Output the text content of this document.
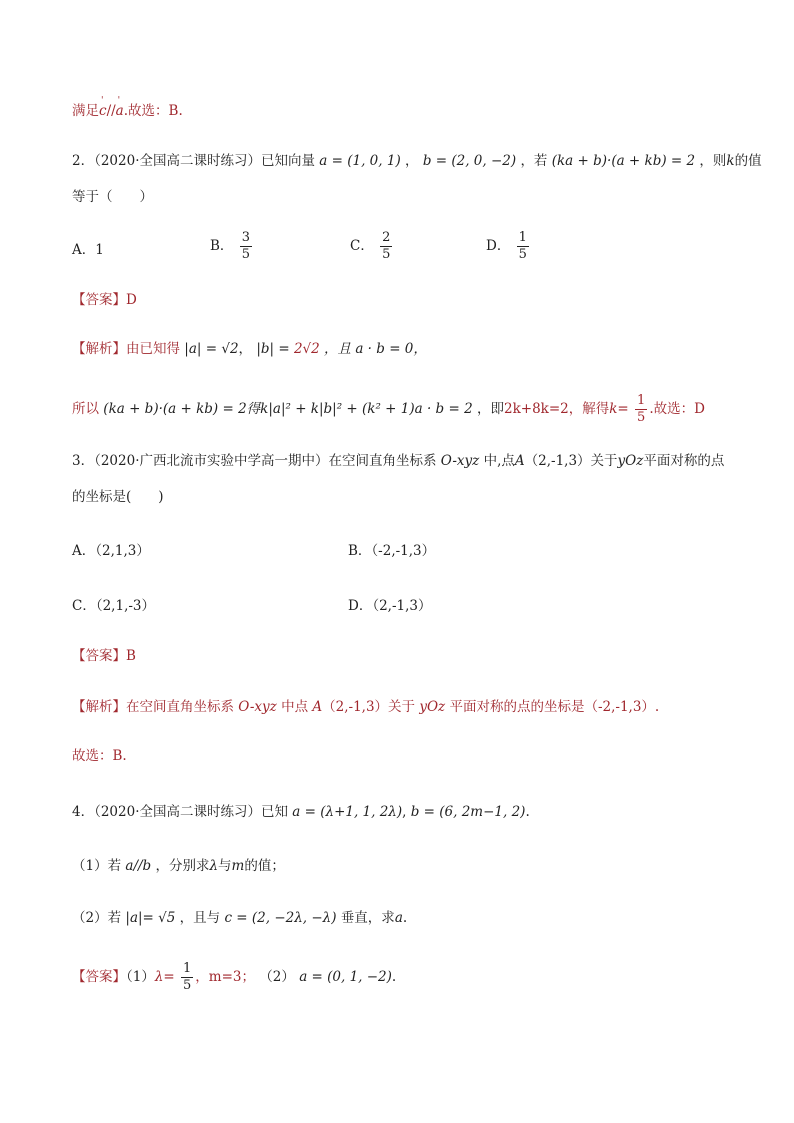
满足' c//' a.故选：B.
2．（2020·全国高二课时练习）已知向量 a = (1, 0, 1) ， b = (2, 0, −2) ，若 (ka + b)·(a + kb) = 2 ，则k的值
等于（　　）
A．1	B． $\frac{3}{5}$	C． $\frac{2}{5}$	D． $\frac{1}{5}$
【答案】D
【解析】由已知得 |a| = √2， |b| = 2√2 ，且 a · b = 0，
所以 (ka + b)·(a + kb) = 2得k|a|² + k|b|² + (k² + 1)a · b = 2 ，即2k+8k=2，解得$k= \frac{1}{5}$ .故选：D
3．（2020·广西北流市实验中学高一期中）在空间直角坐标系 O-xyz 中,点A（2,-1,3）关于yOz平面对称的点
的坐标是(　　)
A．（2,1,3）	B．（-2,-1,3）
C．（2,1,-3）	D．（2,-1,3）
【答案】B
【解析】在空间直角坐标系 O-xyz 中点 A（2,-1,3）关于 yOz 平面对称的点的坐标是（-2,-1,3）.
故选：B.
4．（2020·全国高二课时练习）已知 a = (λ+1, 1, 2λ), b = (6, 2m−1, 2).
（1）若 a//b ，分别求λ与m的值；
（2）若 |a|= √5 ，且与 c = (2, −2λ, −λ) 垂直，求a.
【答案】$(1)\lambda= \frac{1}{5}$ ，m=3； （2） a = (0, 1, −2).
